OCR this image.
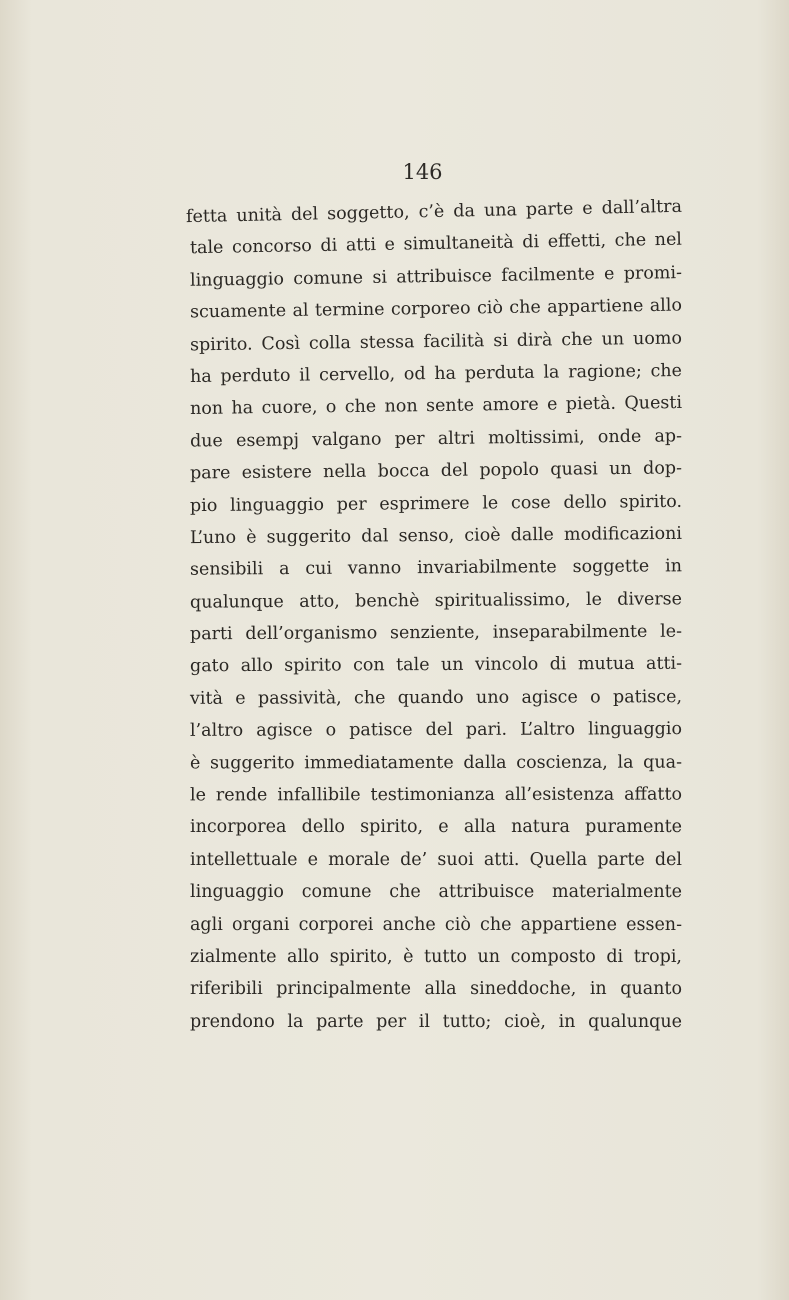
146
fetta unità del soggetto, c’è da una parte e dall’altra
tale concorso di atti e simultaneità di effetti, che nel
linguaggio comune si attribuisce facilmente e promi-
scuamente al termine corporeo ciò che appartiene allo
spirito. Così colla stessa facilità si dirà che un uomo
ha perduto il cervello, od ha perduta la ragione; che
non ha cuore, o che non sente amore e pietà. Questi
due esempj valgano per altri moltissimi, onde ap-
pare esistere nella bocca del popolo quasi un dop-
pio linguaggio per esprimere le cose dello spirito.
L’uno è suggerito dal senso, cioè dalle modificazioni
sensibili a cui vanno invariabilmente soggette in
qualunque atto, benchè spiritualissimo, le diverse
parti dell’organismo senziente, inseparabilmente le-
gato allo spirito con tale un vincolo di mutua atti-
vità e passività, che quando uno agisce o patisce,
l’altro agisce o patisce del pari. L’altro linguaggio
è suggerito immediatamente dalla coscienza, la qua-
le rende infallibile testimonianza all’esistenza affatto
incorporea dello spirito, e alla natura puramente
intellettuale e morale de’ suoi atti. Quella parte del
linguaggio comune che attribuisce materialmente
agli organi corporei anche ciò che appartiene essen-
zialmente allo spirito, è tutto un composto di tropi,
riferibili principalmente alla sineddoche, in quanto
prendono la parte per il tutto; cioè, in qualunque
